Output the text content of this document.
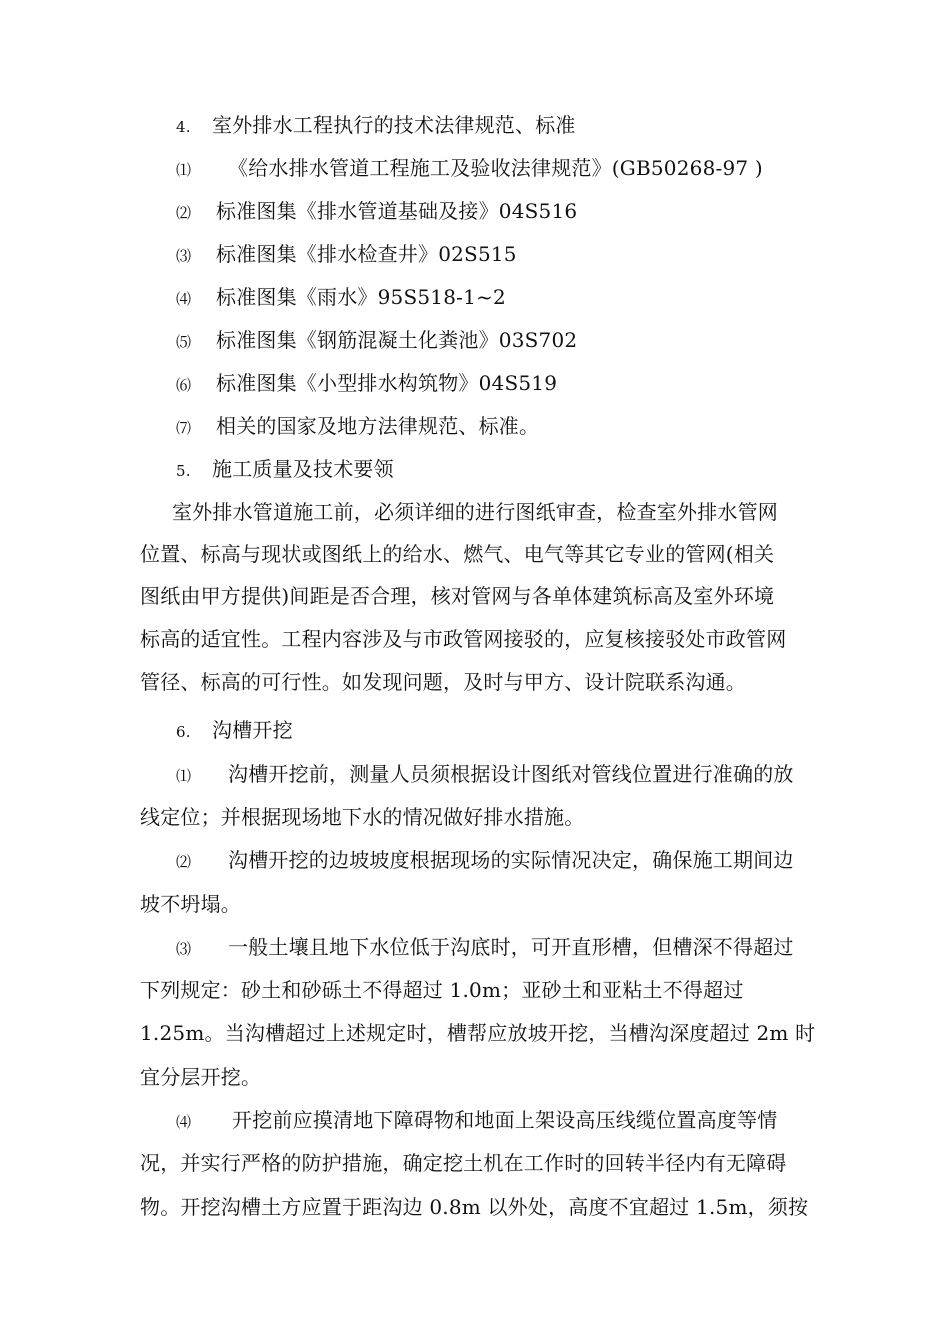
4. 室外排水工程执行的技术法律规范、标准
⑴ 《给水排水管道工程施工及验收法律规范》(GB50268-97 )
⑵ 标准图集《排水管道基础及接》04S516
⑶ 标准图集《排水检查井》02S515
⑷ 标准图集《雨水》95S518-1~2
⑸ 标准图集《钢筋混凝土化粪池》03S702
⑹ 标准图集《小型排水构筑物》04S519
⑺ 相关的国家及地方法律规范、标准。
5. 施工质量及技术要领
室外排水管道施工前，必须详细的进行图纸审查，检查室外排水管网
位置、标高与现状或图纸上的给水、燃气、电气等其它专业的管网(相关
图纸由甲方提供)间距是否合理，核对管网与各单体建筑标高及室外环境
标高的适宜性。工程内容涉及与市政管网接驳的，应复核接驳处市政管网
管径、标高的可行性。如发现问题，及时与甲方、设计院联系沟通。
6. 沟槽开挖
⑴ 沟槽开挖前，测量人员须根据设计图纸对管线位置进行准确的放
线定位；并根据现场地下水的情况做好排水措施。
⑵ 沟槽开挖的边坡坡度根据现场的实际情况决定，确保施工期间边
坡不坍塌。
⑶ 一般土壤且地下水位低于沟底时，可开直形槽，但槽深不得超过
下列规定：砂土和砂砾土不得超过 1.0m；亚砂土和亚粘土不得超过
1.25m。当沟槽超过上述规定时，槽帮应放坡开挖，当槽沟深度超过 2m 时
宜分层开挖。
⑷ 开挖前应摸清地下障碍物和地面上架设高压线缆位置高度等情
况，并实行严格的防护措施，确定挖土机在工作时的回转半径内有无障碍
物。开挖沟槽土方应置于距沟边 0.8m 以外处，高度不宜超过 1.5m，须按
